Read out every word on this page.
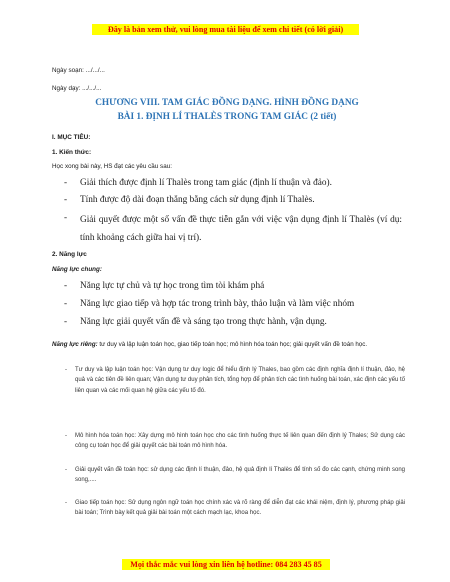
Đây là bản xem thử, vui lòng mua tài liệu để xem chi tiết (có lời giải)
Ngày soạn: .../.../...
Ngày dạy: .../.../...
CHƯƠNG VIII. TAM GIÁC ĐỒNG DẠNG. HÌNH ĐỒNG DẠNG
BÀI 1. ĐỊNH LÍ THALÈS TRONG TAM GIÁC (2 tiết)
I. MỤC TIÊU:
1. Kiến thức:
Học xong bài này, HS đạt các yêu cầu sau:
- Giải thích được định lí Thalès trong tam giác (định lí thuận và đảo).
- Tính được độ dài đoạn thẳng bằng cách sử dụng định lí Thalès.
- Giải quyết được một số vấn đề thực tiễn gắn với việc vận dụng định lí Thalès (ví dụ: tính khoảng cách giữa hai vị trí).
2. Năng lực
Năng lực chung:
- Năng lực tự chủ và tự học trong tìm tòi khám phá
- Năng lực giao tiếp và hợp tác trong trình bày, thảo luận và làm việc nhóm
- Năng lực giải quyết vấn đề và sáng tạo trong thực hành, vận dụng.
Năng lực riêng: tư duy và lập luận toán học, giao tiếp toán học; mô hình hóa toán học; giải quyết vấn đề toán học.
- Tư duy và lập luận toán học: Vận dụng tư duy logic để hiểu định lý Thales, bao gồm các định nghĩa định lí thuận, đảo, hệ quả và các tiên đề liên quan; Vận dụng tư duy phân tích, tổng hợp để phân tích các tình huống bài toán, xác định các yếu tố liên quan và các mối quan hệ giữa các yếu tố đó.
- Mô hình hóa toán học: Xây dựng mô hình toán học cho các tình huống thực tế liên quan đến định lý Thales; Sử dụng các công cụ toán học để giải quyết các bài toán mô hình hóa.
- Giải quyết vấn đề toán học: sử dụng các định lí thuận, đảo, hệ quả định lí Thalès để tính số đo các cạnh, chứng minh song song,....
- Giao tiếp toán học: Sử dụng ngôn ngữ toán học chính xác và rõ ràng để diễn đạt các khái niệm, định lý, phương pháp giải bài toán; Trình bày kết quả giải bài toán một cách mạch lạc, khoa học.
Mọi thắc mắc vui lòng xin liên hệ hotline: 084 283 45 85
